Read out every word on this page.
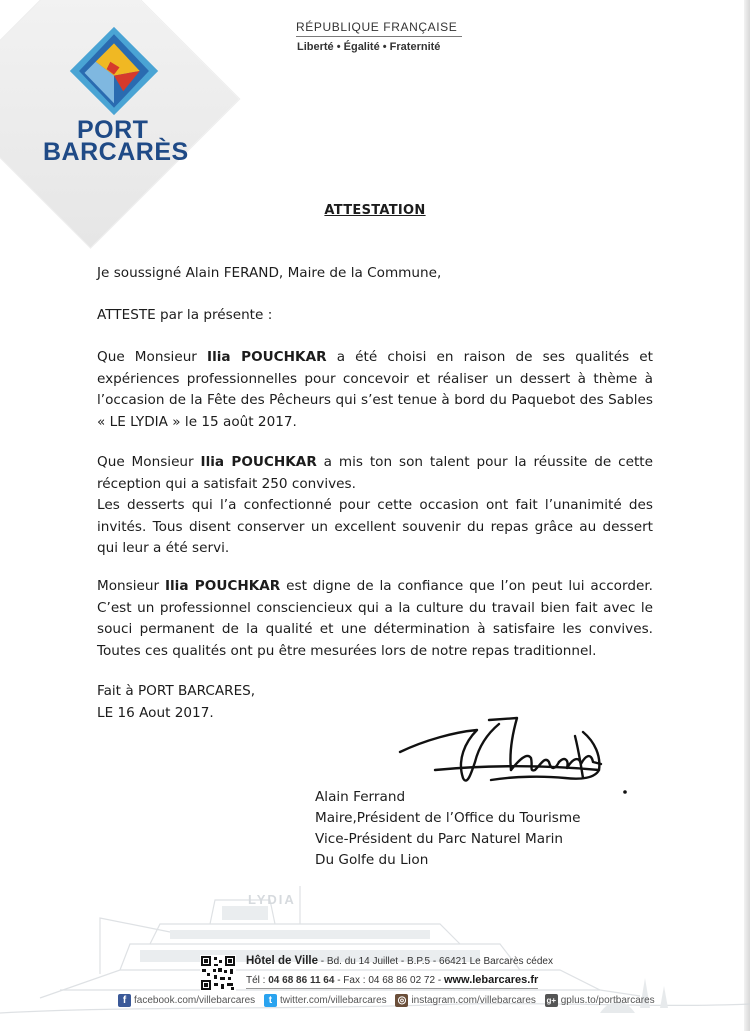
PORT
BARCARÈS
RÉPUBLIQUE FRANÇAISE
Liberté • Égalité • Fraternité
ATTESTATION
Je soussigné Alain FERAND, Maire de la Commune,
ATTESTE par la présente :
Que Monsieur Ilia POUCHKAR a été choisi en raison de ses qualités et expériences professionnelles pour concevoir et réaliser un dessert à thème à l’occasion de la Fête des Pêcheurs qui s’est tenue à bord du Paquebot des Sables « LE LYDIA » le 15 août 2017.
Que Monsieur Ilia POUCHKAR a mis ton son talent pour la réussite de cette réception qui a satisfait 250 convives.
Les desserts qui l’a confectionné pour cette occasion ont fait l’unanimité des invités. Tous disent conserver un excellent souvenir du repas grâce au dessert qui leur a été servi.
Monsieur Ilia POUCHKAR est digne de la confiance que l’on peut lui accorder. C’est un professionnel consciencieux qui a la culture du travail bien fait avec le souci permanent de la qualité et une détermination à satisfaire les convives. Toutes ces qualités ont pu être mesurées lors de notre repas traditionnel.
Fait à PORT BARCARES,
LE 16 Aout 2017.
Alain Ferrand
Maire,Président de l’Office du Tourisme
Vice-Président du Parc Naturel Marin
Du Golfe du Lion
LYDIA
Hôtel de Ville - Bd. du 14 Juillet - B.P.5 - 66421 Le Barcarès cédex
Tél : 04 68 86 11 64 - Fax : 04 68 86 02 72 - www.lebarcares.fr
f facebook.com/villebarcares t twitter.com/villebarcares ◎ instagram.com/villebarcares g+ gplus.to/portbarcares
